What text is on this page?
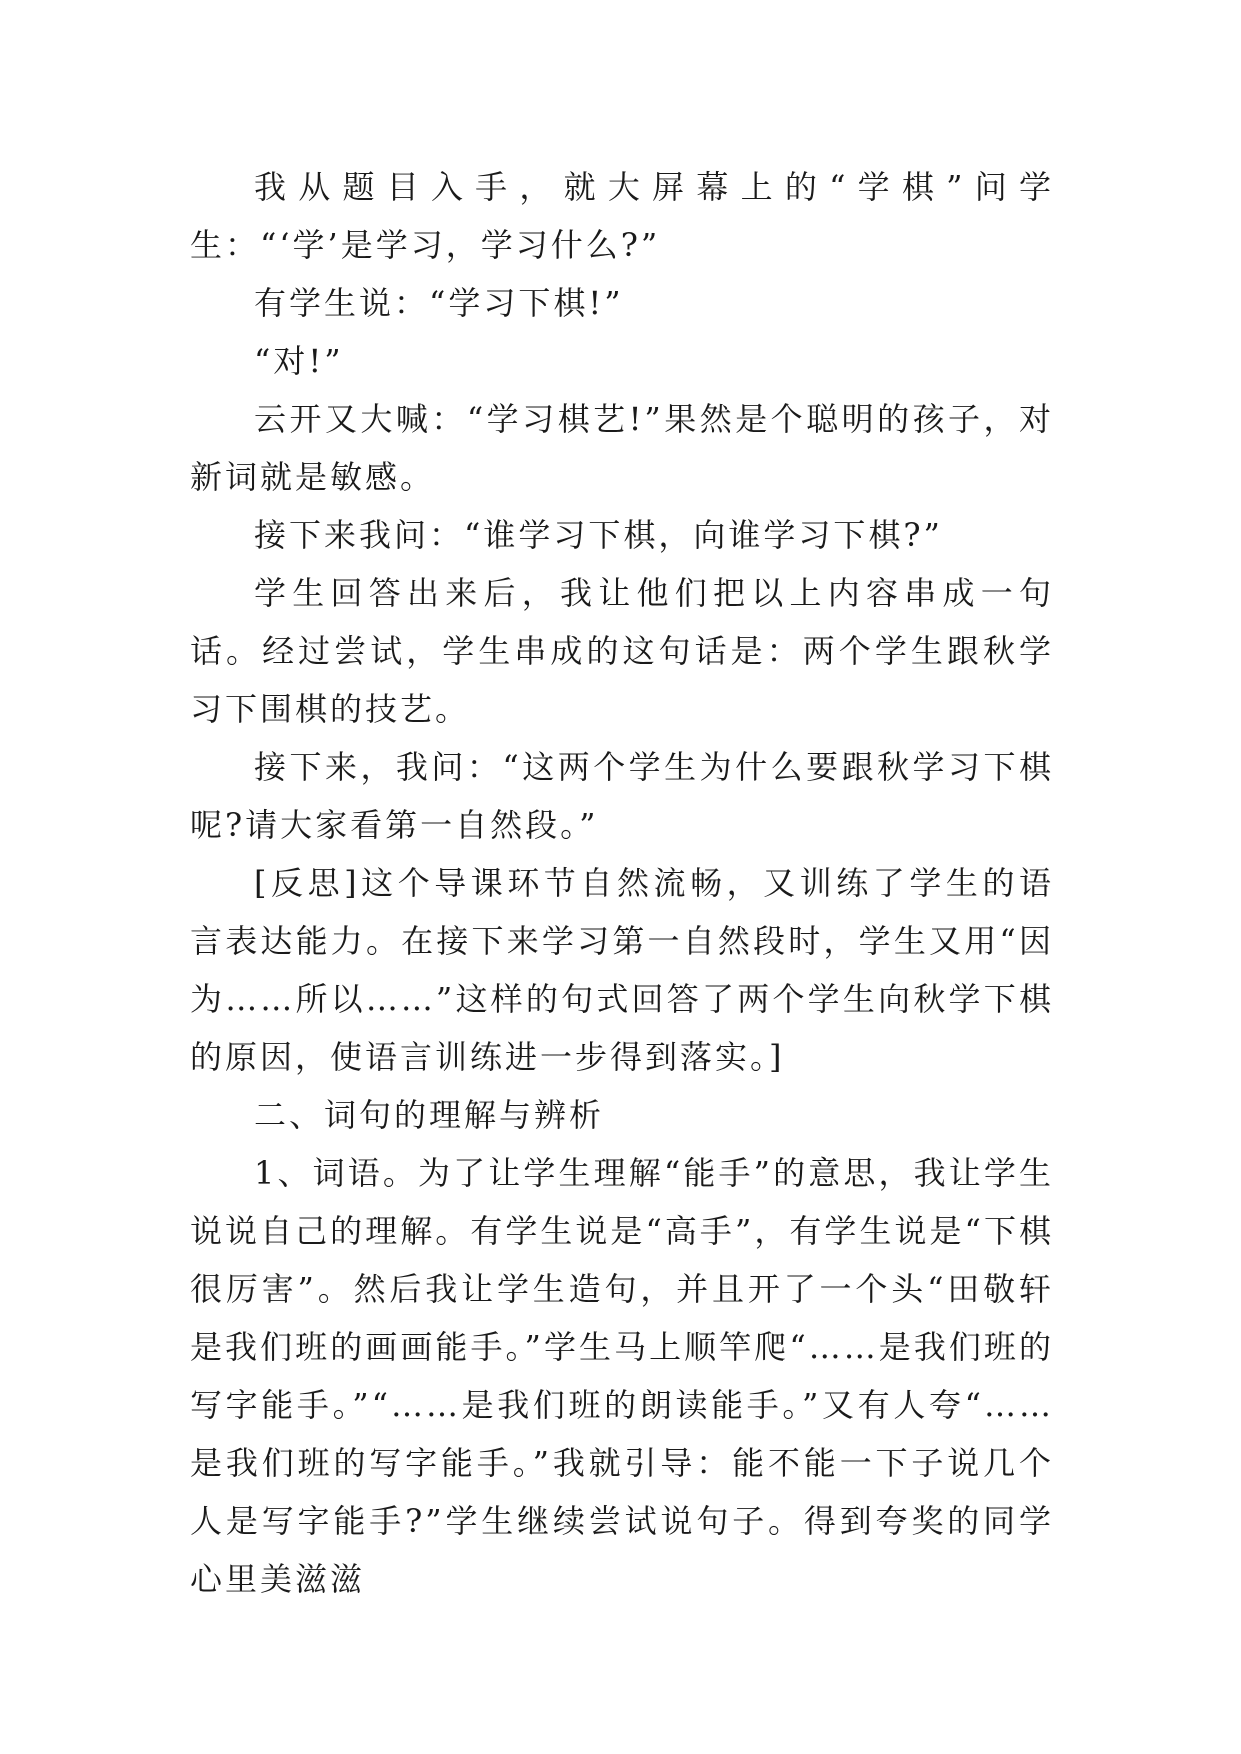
我从题目入手，就大屏幕上的“学棋”问学生：“‘学’是学习，学习什么?”

有学生说：“学习下棋!”

“对!”

云开又大喊：“学习棋艺!”果然是个聪明的孩子，对新词就是敏感。

接下来我问：“谁学习下棋，向谁学习下棋?”

学生回答出来后，我让他们把以上内容串成一句话。经过尝试，学生串成的这句话是：两个学生跟秋学习下围棋的技艺。

接下来，我问：“这两个学生为什么要跟秋学习下棋呢?请大家看第一自然段。”

[反思]这个导课环节自然流畅，又训练了学生的语言表达能力。在接下来学习第一自然段时，学生又用“因为……所以……”这样的句式回答了两个学生向秋学下棋的原因，使语言训练进一步得到落实。]

二、词句的理解与辨析

1、词语。为了让学生理解“能手”的意思，我让学生说说自己的理解。有学生说是“高手”，有学生说是“下棋很厉害”。然后我让学生造句，并且开了一个头“田敬轩是我们班的画画能手。”学生马上顺竿爬“……是我们班的写字能手。”“……是我们班的朗读能手。”又有人夸“……是我们班的写字能手。”我就引导：能不能一下子说几个人是写字能手?”学生继续尝试说句子。得到夸奖的同学心里美滋滋
